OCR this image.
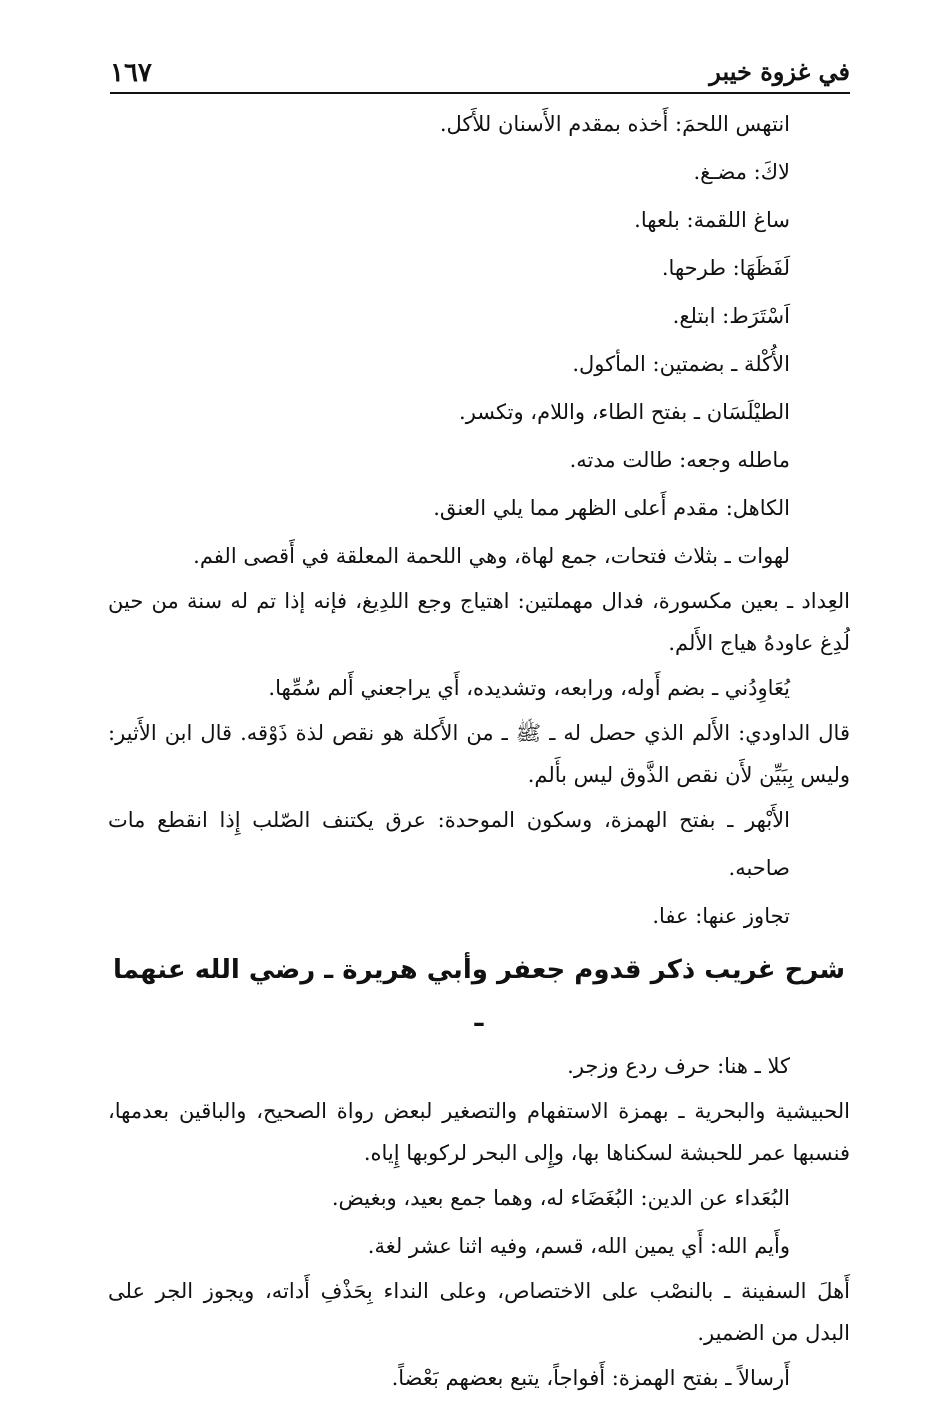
في غزوة خيبر
١٦٧

انتهس اللحمَ: أَخذه بمقدم الأَسنان للأَكل.

لاكَ: مضـغ.

ساغ اللقمة: بلعها.

لَفَظَهَا: طرحها.

اَسْتَرَط: ابتلع.

الأُكْلة ـ بضمتين: المأكول.

الطيْلَسَان ـ بفتح الطاء، واللام، وتكسر.

ماطله وجعه: طالت مدته.

الكاهل: مقدم أَعلى الظهر مما يلي العنق.

لهوات ـ بثلاث فتحات، جمع لهاة، وهي اللحمة المعلقة في أَقصى الفم.

العِداد ـ بعين مكسورة، فدال مهملتين: اهتياج وجع اللدِيغ، فإنه إذا تم له سنة من حين لُدِغ عاودهُ هياج الأَلم.

يُعَاوِدُني ـ بضم أَوله، ورابعه، وتشديده، أَي يراجعني أَلم سُمِّها.

قال الداودي: الأَلم الذي حصل له ـ ﷺ ـ من الأَكلة هو نقص لذة ذَوْقه. قال ابن الأَثير: وليس بِبَيِّن لأَن نقص الذَّوق ليس بأَلم.

الأَبْهر ـ بفتح الهمزة، وسكون الموحدة: عرق يكتنف الصّلب إِذا انقطع مات صاحبه.

تجاوز عنها: عفا.

شرح غريب ذكر قدوم جعفر وأبي هريرة ـ رضي الله عنهما ـ

كلا ـ هنا: حرف ردع وزجر.

الحبيشية والبحرية ـ بهمزة الاستفهام والتصغير لبعض رواة الصحيح، والباقين بعدمها، فنسبها عمر للحبشة لسكناها بها، وإِلى البحر لركوبها إِياه.

البُعَداء عن الدين: البُغَضَاء له، وهما جمع بعيد، وبغيض.

وأَيم الله: أَي يمين الله، قسم، وفيه اثنا عشر لغة.

أَهلَ السفينة ـ بالنصْب على الاختصاص، وعلى النداء بِحَذْفِ أَداته، ويجوز الجر على البدل من الضمير.

أَرسالاً ـ بفتح الهمزة: أَفواجاً، يتبع بعضهم بَعْضاً.
